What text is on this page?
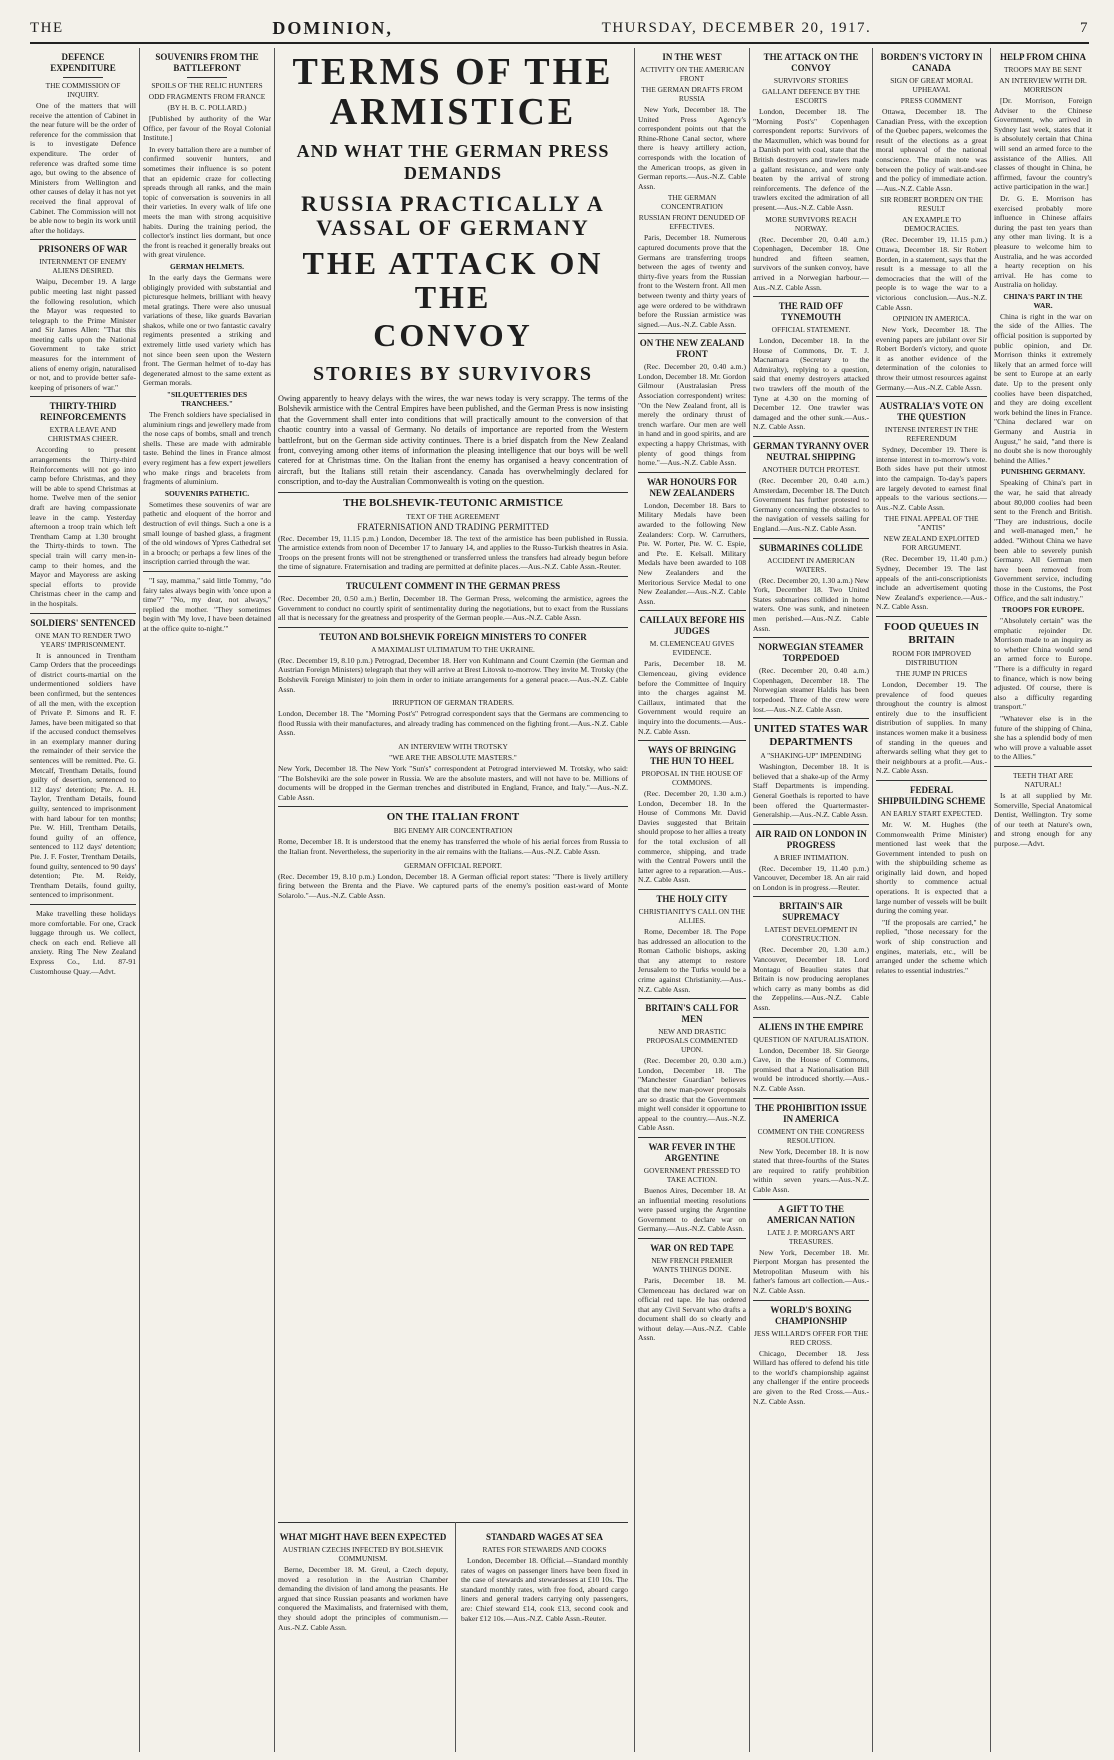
THE	DOMINION,	THURSDAY, DECEMBER 20, 1917.	7
DEFENCE EXPENDITURE
THE COMMISSION OF INQUIRY.

One of the matters that will receive the attention of Cabinet in the near future will be the order of reference for the commission that is to investigate Defence expenditure. The order of reference was drafted some time ago, but owing to the absence of Ministers from Wellington and other causes of delay it has not yet received the final approval of Cabinet. The Commission will not be able now to begin its work until after the holidays.

PRISONERS OF WAR
INTERNMENT OF ENEMY ALIENS DESIRED.

Waipu, December 19. A large public meeting last night passed the following resolution, which the Mayor was requested to telegraph to the Prime Minister and Sir James Allen: "That this meeting calls upon the National Government to take strict measures for the internment of aliens of enemy origin, naturalised or not, and to provide better safe-keeping of prisoners of war."

THIRTY-THIRD REINFORCEMENTS
EXTRA LEAVE AND CHRISTMAS CHEER.

According to present arrangements the Thirty-third Reinforcements will not go into camp before Christmas, and they will be able to spend Christmas at home. Twelve men of the senior draft are having compassionate leave in the camp. Yesterday afternoon a troop train which left Trentham Camp at 1.30 brought the Thirty-thirds to town. The special train will carry men-in-camp to their homes, and the Mayor and Mayoress are asking special efforts to provide Christmas cheer in the camp and in the hospitals.

SOLDIERS' SENTENCED
ONE MAN TO RENDER TWO YEARS' IMPRISONMENT.

It is announced in Trentham Camp Orders that the proceedings of district courts-martial on the undermentioned soldiers have been confirmed, but the sentences of all the men, with the exception of Private P. Simons and R. F. James, have been mitigated so that if the accused conduct themselves in an exemplary manner during the remainder of their service the sentences will be remitted. Pte. G. Metcalf, Trentham Details, found guilty of desertion, sentenced to 112 days' detention; Pte. A. H. Taylor, Trentham Details, found guilty, sentenced to imprisonment with hard labour for ten months; Pte. W. Hill, Trentham Details, found guilty of an offence, sentenced to 112 days' detention; Pte. J. F. Foster, Trentham Details, found guilty, sentenced to 90 days' detention; Pte. M. Reidy, Trentham Details, found guilty, sentenced to imprisonment.

Make travelling these holidays more comfortable. For one, Crack luggage through us. We collect, check on each end. Relieve all anxiety. Ring The New Zealand Express Co., Ltd. 87-91 Customhouse Quay.—Advt.

SOUVENIRS FROM THE BATTLEFRONT
SPOILS OF THE RELIC HUNTERS
ODD FRAGMENTS FROM FRANCE
(BY H. B. C. POLLARD.)

[Published by authority of the War Office, per favour of the Royal Colonial Institute.]

In every battalion there are a number of confirmed souvenir hunters, and sometimes their influence is so potent that an epidemic craze for collecting spreads through all ranks, and the main topic of conversation is souvenirs in all their varieties. In every walk of life one meets the man with strong acquisitive habits. During the training period, the collector's instinct lies dormant, but once the front is reached it generally breaks out with great virulence.

GERMAN HELMETS.

In the early days the Germans were obligingly provided with substantial and picturesque helmets, brilliant with heavy metal gratings. There were also unusual variations of these, like guards Bavarian shakos, while one or two fantastic cavalry regiments presented a striking and extremely little used variety which has not since been seen upon the Western front. The German helmet of to-day has degenerated almost to the same extent as German morals.

"SILQUETTERIES DES TRANCHEES."

The French soldiers have specialised in aluminium rings and jewellery made from the nose caps of bombs, small and trench shells. These are made with admirable taste. Behind the lines in France almost every regiment has a few expert jewellers who make rings and bracelets from fragments of aluminium.

SOUVENIRS PATHETIC.

Sometimes these souvenirs of war are pathetic and eloquent of the horror and destruction of evil things. Such a one is a small lounge of bashed glass, a fragment of the old windows of Ypres Cathedral set in a brooch; or perhaps a few lines of the inscription carried through the war.

"I say, mamma," said little Tommy, "do fairy tales always begin with 'once upon a time'?" "No, my dear, not always," replied the mother. "They sometimes begin with 'My love, I have been detained at the office quite to-night.'"

TERMS OF THE
ARMISTICE
AND WHAT THE GERMAN PRESS DEMANDS
RUSSIA PRACTICALLY A VASSAL OF GERMANY
THE ATTACK ON THE
CONVOY
STORIES BY SURVIVORS

Owing apparently to heavy delays with the wires, the war news today is very scrappy. The terms of the Bolshevik armistice with the Central Empires have been published, and the German Press is now insisting that the Government shall enter into conditions that will practically amount to the conversion of that chaotic country into a vassal of Germany. No details of importance are reported from the Western battlefront, but on the German side activity continues. There is a brief dispatch from the New Zealand front, conveying among other items of information the pleasing intelligence that our boys will be well catered for at Christmas time. On the Italian front the enemy has organised a heavy concentration of aircraft, but the Italians still retain their ascendancy. Canada has overwhelmingly declared for conscription, and to-day the Australian Commonwealth is voting on the question.

THE BOLSHEVIK-TEUTONIC ARMISTICE
TEXT OF THE AGREEMENT
FRATERNISATION AND TRADING PERMITTED

(Rec. December 19, 11.15 p.m.) London, December 18. The text of the armistice has been published in Russia. The armistice extends from noon of December 17 to January 14, and applies to the Russo-Turkish theatres in Asia. Troops on the present fronts will not be strengthened or transferred unless the transfers had already begun before the time of signature. Fraternisation and trading are permitted at definite places.—Aus.-N.Z. Cable Assn.-Reuter.

TRUCULENT COMMENT IN THE GERMAN PRESS

(Rec. December 20, 0.50 a.m.) Berlin, December 18. The German Press, welcoming the armistice, agrees the Government to conduct no courtly spirit of sentimentality during the negotiations, but to exact from the Russians all that is necessary for the greatness and prosperity of the German people.—Aus.-N.Z. Cable Assn.

TEUTON AND BOLSHEVIK FOREIGN MINISTERS TO CONFER
A MAXIMALIST ULTIMATUM TO THE UKRAINE.

(Rec. December 19, 8.10 p.m.) Petrograd, December 18. Herr von Kuhlmann and Count Czernin (the German and Austrian Foreign Ministers) telegraph that they will arrive at Brest Litovsk to-morrow. They invite M. Trotsky (the Bolshevik Foreign Minister) to join them in order to initiate arrangements for a general peace.—Aus.-N.Z. Cable Assn.

IRRUPTION OF GERMAN TRADERS.

London, December 18. The "Morning Post's" Petrograd correspondent says that the Germans are commencing to flood Russia with their manufactures, and already trading has commenced on the fighting front.—Aus.-N.Z. Cable Assn.

AN INTERVIEW WITH TROTSKY
"WE ARE THE ABSOLUTE MASTERS."

New York, December 18. The New York "Sun's" correspondent at Petrograd interviewed M. Trotsky, who said: "The Bolsheviki are the sole power in Russia. We are the absolute masters, and will not have to be. Millions of documents will be dropped in the German trenches and distributed in England, France, and Italy."—Aus.-N.Z. Cable Assn.

ON THE ITALIAN FRONT
BIG ENEMY AIR CONCENTRATION

Rome, December 18. It is understood that the enemy has transferred the whole of his aerial forces from Russia to the Italian front. Nevertheless, the superiority in the air remains with the Italians.—Aus.-N.Z. Cable Assn.

GERMAN OFFICIAL REPORT.

(Rec. December 19, 8.10 p.m.) London, December 18. A German official report states: "There is lively artillery firing between the Brenta and the Piave. We captured parts of the enemy's position east-ward of Monte Solarolo."—Aus.-N.Z. Cable Assn.

WHAT MIGHT HAVE BEEN EXPECTED
AUSTRIAN CZECHS INFECTED BY BOLSHEVIK COMMUNISM.

Berne, December 18. M. Greul, a Czech deputy, moved a resolution in the Austrian Chamber demanding the division of land among the peasants. He argued that since Russian peasants and workmen have conquered the Maximalists, and fraternised with them, they should adopt the principles of communism.—Aus.-N.Z. Cable Assn.

STANDARD WAGES AT SEA
RATES FOR STEWARDS AND COOKS

London, December 18. Official.—Standard monthly rates of wages on passenger liners have been fixed in the case of stewards and stewardesses at £10 10s. The standard monthly rates, with free food, aboard cargo liners and general traders carrying only passengers, are: Chief steward £14, cook £13, second cook and baker £12 10s.—Aus.-N.Z. Cable Assn.-Reuter.

IN THE WEST
ACTIVITY ON THE AMERICAN FRONT
THE GERMAN DRAFTS FROM RUSSIA

New York, December 18. The United Press Agency's correspondent points out that the Rhine-Rhone Canal sector, where there is heavy artillery action, corresponds with the location of the American troops, as given in German reports.—Aus.-N.Z. Cable Assn.

THE GERMAN CONCENTRATION
RUSSIAN FRONT DENUDED OF EFFECTIVES.

Paris, December 18. Numerous captured documents prove that the Germans are transferring troops between the ages of twenty and thirty-five years from the Russian front to the Western front. All men between twenty and thirty years of age were ordered to be withdrawn before the Russian armistice was signed.—Aus.-N.Z. Cable Assn.

ON THE NEW ZEALAND FRONT

(Rec. December 20, 0.40 a.m.) London, December 18. Mr. Gordon Gilmour (Australasian Press Association correspondent) writes: "On the New Zealand front, all is merely the ordinary thrust of trench warfare. Our men are well in hand and in good spirits, and are expecting a happy Christmas, with plenty of good things from home."—Aus.-N.Z. Cable Assn.

WAR HONOURS FOR NEW ZEALANDERS

London, December 18. Bars to Military Medals have been awarded to the following New Zealanders: Corp. W. Carruthers, Pte. W. Porter, Pte. W. C. Espie, and Pte. E. Kelsall. Military Medals have been awarded to 108 New Zealanders and the Meritorious Service Medal to one New Zealander.—Aus.-N.Z. Cable Assn.

CAILLAUX BEFORE HIS JUDGES
M. CLEMENCEAU GIVES EVIDENCE.

Paris, December 18. M. Clemenceau, giving evidence before the Committee of Inquiry into the charges against M. Caillaux, intimated that the Government would require an inquiry into the documents.—Aus.-N.Z. Cable Assn.

WAYS OF BRINGING THE HUN TO HEEL
PROPOSAL IN THE HOUSE OF COMMONS.

(Rec. December 20, 1.30 a.m.) London, December 18. In the House of Commons Mr. David Davies suggested that Britain should propose to her allies a treaty for the total exclusion of all commerce, shipping, and trade with the Central Powers until the latter agree to a reparation.—Aus.-N.Z. Cable Assn.

THE HOLY CITY
CHRISTIANITY'S CALL ON THE ALLIES.

Rome, December 18. The Pope has addressed an allocution to the Roman Catholic bishops, asking that any attempt to restore Jerusalem to the Turks would be a crime against Christianity.—Aus.-N.Z. Cable Assn.

BRITAIN'S CALL FOR MEN
NEW AND DRASTIC PROPOSALS COMMENTED UPON.

(Rec. December 20, 0.30 a.m.) London, December 18. The "Manchester Guardian" believes that the new man-power proposals are so drastic that the Government might well consider it opportune to appeal to the country.—Aus.-N.Z. Cable Assn.

WAR FEVER IN THE ARGENTINE
GOVERNMENT PRESSED TO TAKE ACTION.

Buenos Aires, December 18. At an influential meeting resolutions were passed urging the Argentine Government to declare war on Germany.—Aus.-N.Z. Cable Assn.

WAR ON RED TAPE
NEW FRENCH PREMIER WANTS THINGS DONE.

Paris, December 18. M. Clemenceau has declared war on official red tape. He has ordered that any Civil Servant who drafts a document shall do so clearly and without delay.—Aus.-N.Z. Cable Assn.

THE ATTACK ON THE CONVOY
SURVIVORS' STORIES
GALLANT DEFENCE BY THE ESCORTS

London, December 18. The "Morning Post's" Copenhagen correspondent reports: Survivors of the Maxmullen, which was bound for a Danish port with coal, state that the British destroyers and trawlers made a gallant resistance, and were only beaten by the arrival of strong reinforcements. The defence of the trawlers excited the admiration of all present.—Aus.-N.Z. Cable Assn.

MORE SURVIVORS REACH NORWAY.

(Rec. December 20, 0.40 a.m.) Copenhagen, December 18. One hundred and fifteen seamen, survivors of the sunken convoy, have arrived in a Norwegian harbour.—Aus.-N.Z. Cable Assn.

THE RAID OFF TYNEMOUTH
OFFICIAL STATEMENT.

London, December 18. In the House of Commons, Dr. T. J. Macnamara (Secretary to the Admiralty), replying to a question, said that enemy destroyers attacked two trawlers off the mouth of the Tyne at 4.30 on the morning of December 12. One trawler was damaged and the other sunk.—Aus.-N.Z. Cable Assn.

GERMAN TYRANNY OVER NEUTRAL SHIPPING
ANOTHER DUTCH PROTEST.

(Rec. December 20, 0.40 a.m.) Amsterdam, December 18. The Dutch Government has further protested to Germany concerning the obstacles to the navigation of vessels sailing for England.—Aus.-N.Z. Cable Assn.

SUBMARINES COLLIDE
ACCIDENT IN AMERICAN WATERS.

(Rec. December 20, 1.30 a.m.) New York, December 18. Two United States submarines collided in home waters. One was sunk, and nineteen men perished.—Aus.-N.Z. Cable Assn.

NORWEGIAN STEAMER TORPEDOED

(Rec. December 20, 0.40 a.m.) Copenhagen, December 18. The Norwegian steamer Haldis has been torpedoed. Three of the crew were lost.—Aus.-N.Z. Cable Assn.

UNITED STATES WAR DEPARTMENTS
A "SHAKING-UP" IMPENDING

Washington, December 18. It is believed that a shake-up of the Army Staff Departments is impending. General Goethals is reported to have been offered the Quartermaster-Generalship.—Aus.-N.Z. Cable Assn.

AIR RAID ON LONDON IN PROGRESS
A BRIEF INTIMATION.

(Rec. December 19, 11.40 p.m.) Vancouver, December 18. An air raid on London is in progress.—Reuter.

BRITAIN'S AIR SUPREMACY
LATEST DEVELOPMENT IN CONSTRUCTION.

(Rec. December 20, 1.30 a.m.) Vancouver, December 18. Lord Montagu of Beaulieu states that Britain is now producing aeroplanes which carry as many bombs as did the Zeppelins.—Aus.-N.Z. Cable Assn.

ALIENS IN THE EMPIRE
QUESTION OF NATURALISATION.

London, December 18. Sir George Cave, in the House of Commons, promised that a Nationalisation Bill would be introduced shortly.—Aus.-N.Z. Cable Assn.

THE PROHIBITION ISSUE IN AMERICA
COMMENT ON THE CONGRESS RESOLUTION.

New York, December 18. It is now stated that three-fourths of the States are required to ratify prohibition within seven years.—Aus.-N.Z. Cable Assn.

A GIFT TO THE AMERICAN NATION
LATE J. P. MORGAN'S ART TREASURES.

New York, December 18. Mr. Pierpont Morgan has presented the Metropolitan Museum with his father's famous art collection.—Aus.-N.Z. Cable Assn.

WORLD'S BOXING CHAMPIONSHIP
JESS WILLARD'S OFFER FOR THE RED CROSS.

Chicago, December 18. Jess Willard has offered to defend his title to the world's championship against any challenger if the entire proceeds are given to the Red Cross.—Aus.-N.Z. Cable Assn.

BORDEN'S VICTORY IN CANADA
SIGN OF GREAT MORAL UPHEAVAL
PRESS COMMENT

Ottawa, December 18. The Canadian Press, with the exception of the Quebec papers, welcomes the result of the elections as a great moral upheaval of the national conscience. The main note was between the policy of wait-and-see and the policy of immediate action.—Aus.-N.Z. Cable Assn.

SIR ROBERT BORDEN ON THE RESULT
AN EXAMPLE TO DEMOCRACIES.

(Rec. December 19, 11.15 p.m.) Ottawa, December 18. Sir Robert Borden, in a statement, says that the result is a message to all the democracies that the will of the people is to wage the war to a victorious conclusion.—Aus.-N.Z. Cable Assn.

OPINION IN AMERICA.

New York, December 18. The evening papers are jubilant over Sir Robert Borden's victory, and quote it as another evidence of the determination of the colonies to throw their utmost resources against Germany.—Aus.-N.Z. Cable Assn.

AUSTRALIA'S VOTE ON THE QUESTION
INTENSE INTEREST IN THE REFERENDUM

Sydney, December 19. There is intense interest in to-morrow's vote. Both sides have put their utmost into the campaign. To-day's papers are largely devoted to earnest final appeals to the various sections.—Aus.-N.Z. Cable Assn.

THE FINAL APPEAL OF THE "ANTIS"
NEW ZEALAND EXPLOITED FOR ARGUMENT.

(Rec. December 19, 11.40 p.m.) Sydney, December 19. The last appeals of the anti-conscriptionists include an advertisement quoting New Zealand's experience.—Aus.-N.Z. Cable Assn.

FOOD QUEUES IN BRITAIN
ROOM FOR IMPROVED DISTRIBUTION
THE JUMP IN PRICES

London, December 19. The prevalence of food queues throughout the country is almost entirely due to the insufficient distribution of supplies. In many instances women make it a business of standing in the queues and afterwards selling what they get to their neighbours at a profit.—Aus.-N.Z. Cable Assn.

FEDERAL SHIPBUILDING SCHEME
AN EARLY START EXPECTED.

Mr. W. M. Hughes (the Commonwealth Prime Minister) mentioned last week that the Government intended to push on with the shipbuilding scheme as originally laid down, and hoped shortly to commence actual operations. It is expected that a large number of vessels will be built during the coming year.

"If the proposals are carried," he replied, "those necessary for the work of ship construction and engines, materials, etc., will be arranged under the scheme which relates to essential industries."

HELP FROM CHINA
TROOPS MAY BE SENT
AN INTERVIEW WITH DR. MORRISON

[Dr. Morrison, Foreign Adviser to the Chinese Government, who arrived in Sydney last week, states that it is absolutely certain that China will send an armed force to the assistance of the Allies. All classes of thought in China, he affirmed, favour the country's active participation in the war.]

Dr. G. E. Morrison has exercised probably more influence in Chinese affairs during the past ten years than any other man living. It is a pleasure to welcome him to Australia, and he was accorded a hearty reception on his arrival. He has come to Australia on holiday.

CHINA'S PART IN THE WAR.

China is right in the war on the side of the Allies. The official position is supported by public opinion, and Dr. Morrison thinks it extremely likely that an armed force will be sent to Europe at an early date. Up to the present only coolies have been dispatched, and they are doing excellent work behind the lines in France. "China declared war on Germany and Austria in August," he said, "and there is no doubt she is now thoroughly behind the Allies."

PUNISHING GERMANY.

Speaking of China's part in the war, he said that already about 80,000 coolies had been sent to the French and British. "They are industrious, docile and well-managed men," he added. "Without China we have been able to severely punish Germany. All German men have been removed from Government service, including those in the Customs, the Post Office, and the salt industry."

TROOPS FOR EUROPE.

"Absolutely certain" was the emphatic rejoinder Dr. Morrison made to an inquiry as to whether China would send an armed force to Europe. "There is a difficulty in regard to finance, which is now being adjusted. Of course, there is also a difficulty regarding transport."

"Whatever else is in the future of the shipping of China, she has a splendid body of men who will prove a valuable asset to the Allies."

TEETH THAT ARE NATURAL!

Is at all supplied by Mr. Somerville, Special Anatomical Dentist, Wellington. Try some of our teeth at Nature's own, and strong enough for any purpose.—Advt.
